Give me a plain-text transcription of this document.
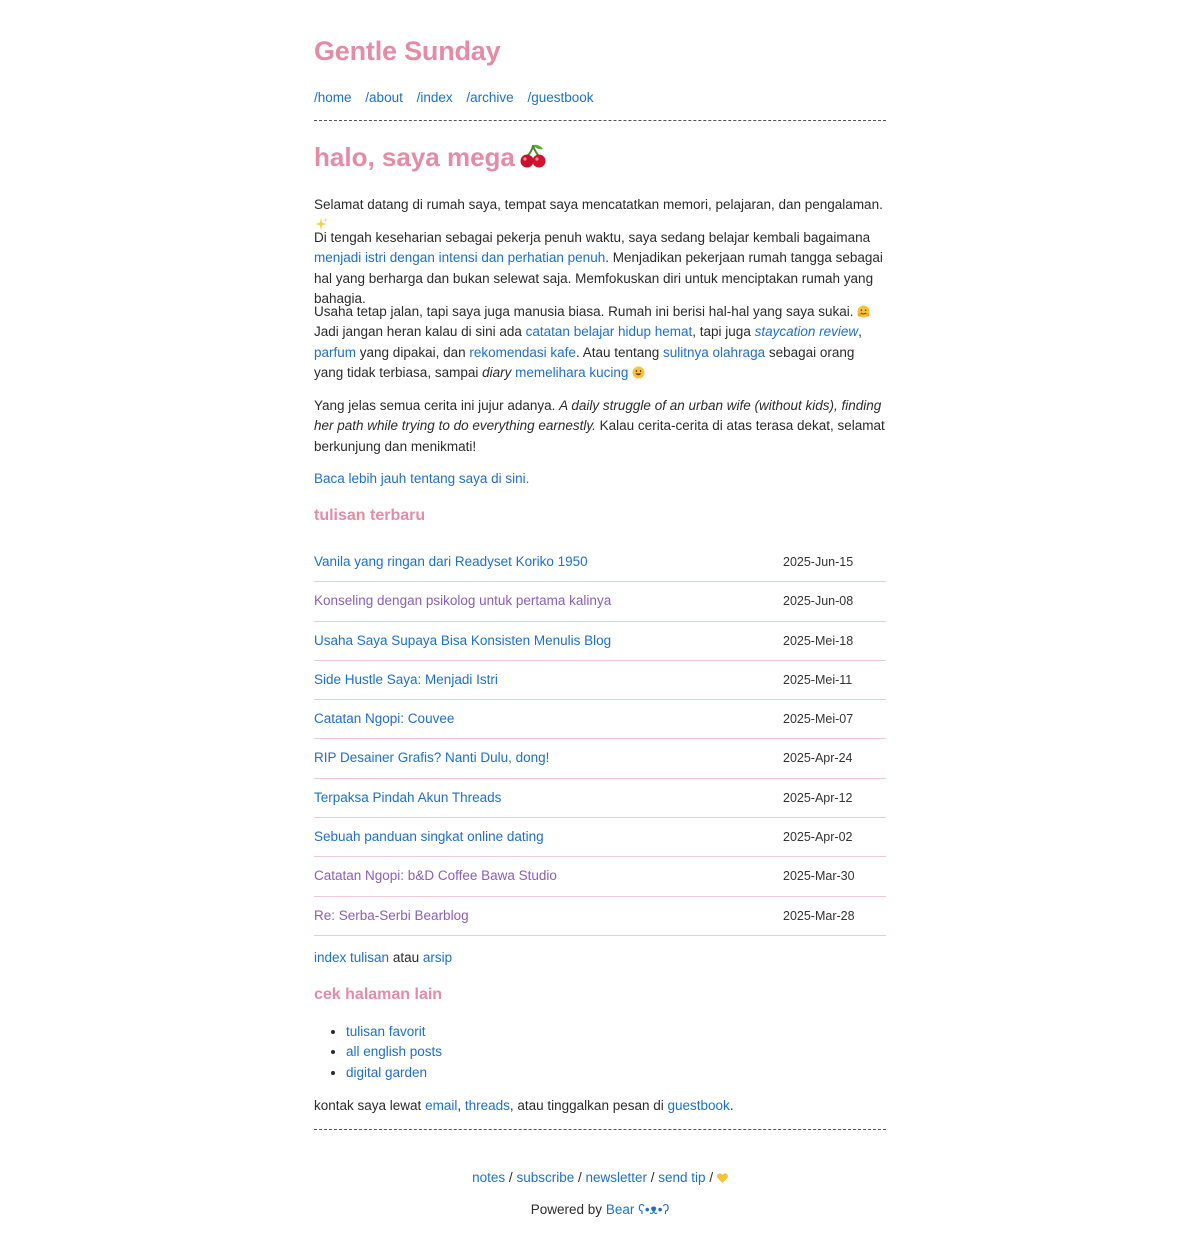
Gentle Sunday
/home /about /index /archive /guestbook
halo, saya mega

Selamat datang di rumah saya, tempat saya mencatatkan memori, pelajaran, dan pengalaman.

Di tengah keseharian sebagai pekerja penuh waktu, saya sedang belajar kembali bagaimana menjadi istri dengan intensi dan perhatian penuh. Menjadikan pekerjaan rumah tangga sebagai hal yang berharga dan bukan selewat saja. Memfokuskan diri untuk menciptakan rumah yang bahagia.

Usaha tetap jalan, tapi saya juga manusia biasa. Rumah ini berisi hal-hal yang saya sukai.  Jadi jangan heran kalau di sini ada catatan belajar hidup hemat, tapi juga staycation review, parfum yang dipakai, dan rekomendasi kafe. Atau tentang sulitnya olahraga sebagai orang yang tidak terbiasa, sampai diary memelihara kucing

Yang jelas semua cerita ini jujur adanya. A daily struggle of an urban wife (without kids), finding her path while trying to do everything earnestly. Kalau cerita-cerita di atas terasa dekat, selamat berkunjung dan menikmati!

Baca lebih jauh tentang saya di sini.

tulisan terbaru
Vanila yang ringan dari Readyset Koriko 1950	2025-Jun-15
Konseling dengan psikolog untuk pertama kalinya	2025-Jun-08
Usaha Saya Supaya Bisa Konsisten Menulis Blog	2025-Mei-18
Side Hustle Saya: Menjadi Istri	2025-Mei-11
Catatan Ngopi: Couvee	2025-Mei-07
RIP Desainer Grafis? Nanti Dulu, dong!	2025-Apr-24
Terpaksa Pindah Akun Threads	2025-Apr-12
Sebuah panduan singkat online dating	2025-Apr-02
Catatan Ngopi: b&D Coffee Bawa Studio	2025-Mar-30
Re: Serba-Serbi Bearblog	2025-Mar-28

index tulisan atau arsip

cek halaman lain
• tulisan favorit
• all english posts
• digital garden

kontak saya lewat email, threads, atau tinggalkan pesan di guestbook.

notes / subscribe / newsletter / send tip /
Powered by Bear ʕ•ᴥ•ʔ
